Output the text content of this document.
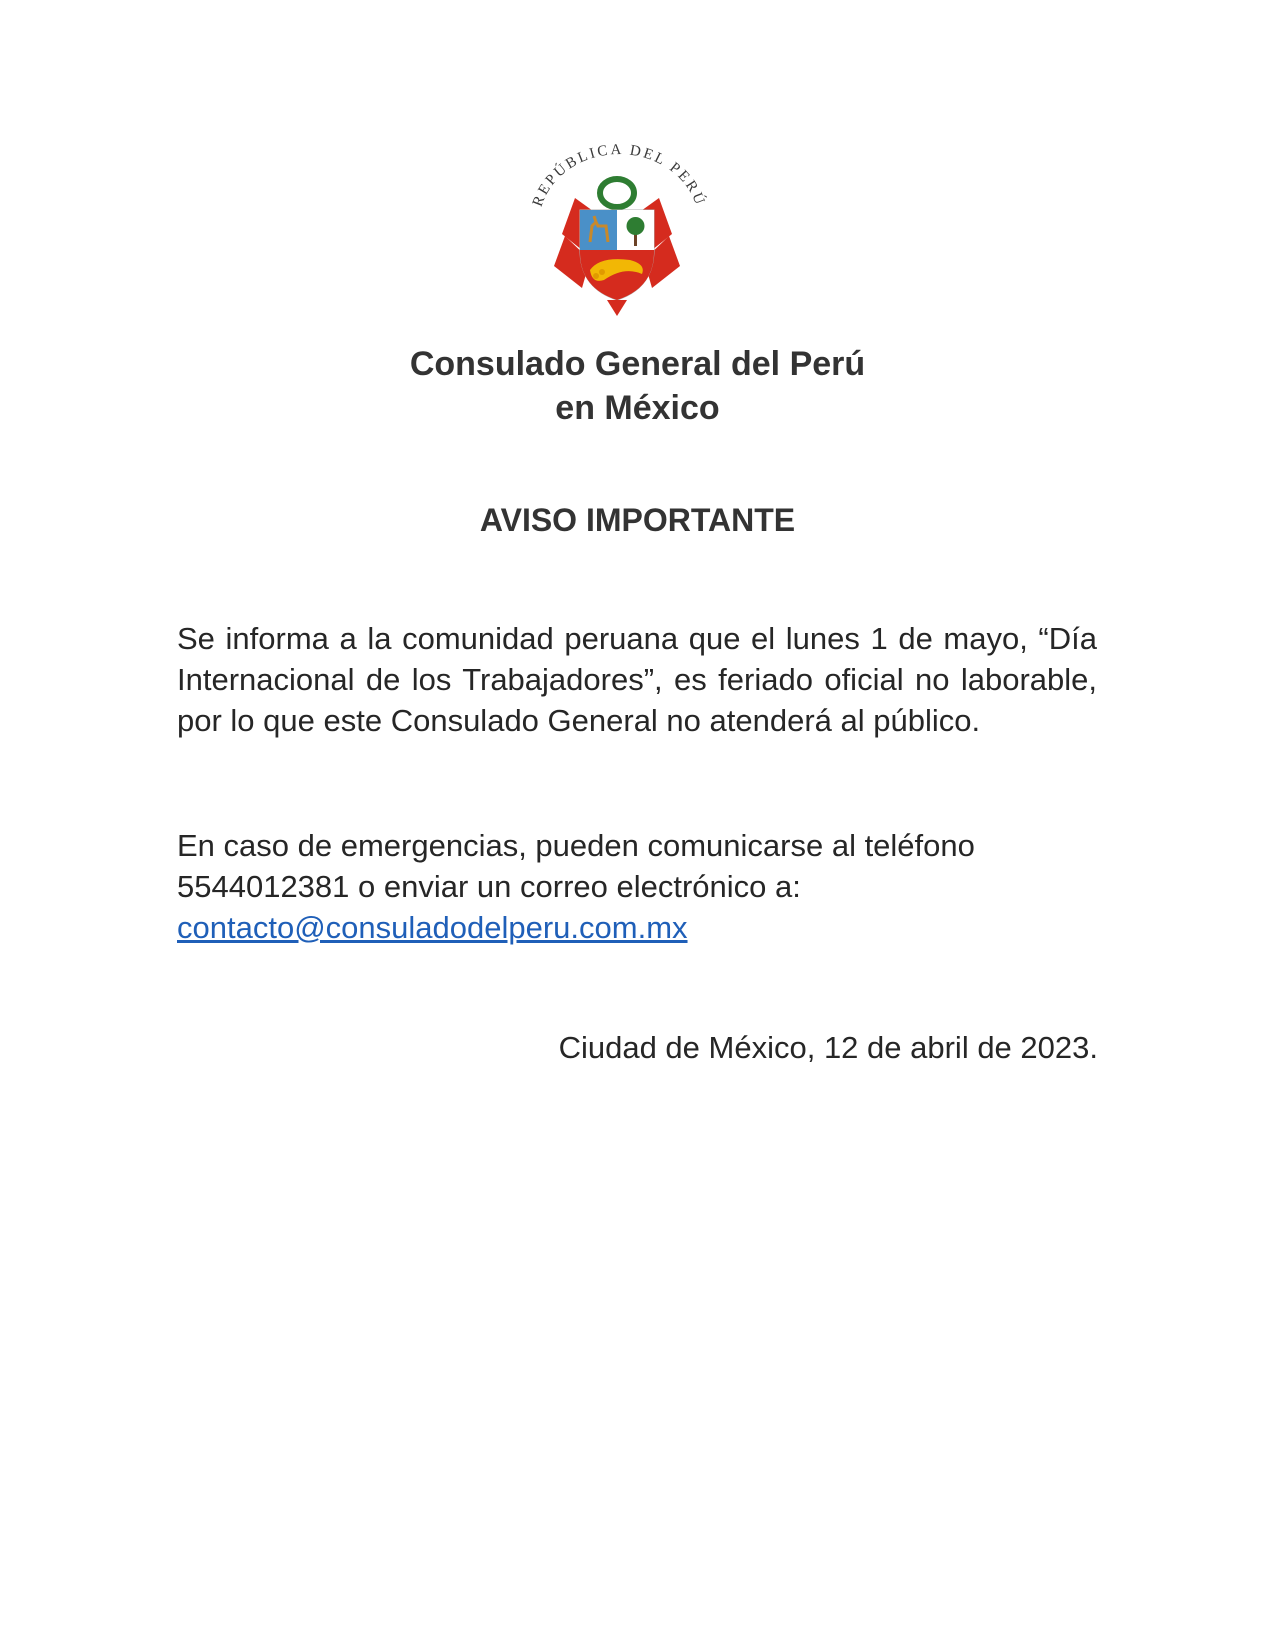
REPÚBLICA DEL PERÚ
Consulado General del Perú
en México
AVISO IMPORTANTE
Se informa a la comunidad peruana que el lunes 1 de mayo, “Día Internacional de los Trabajadores”, es feriado oficial no laborable, por lo que este Consulado General no atenderá al público.
En caso de emergencias, pueden comunicarse al teléfono 5544012381 o enviar un correo electrónico a:
contacto@consuladodelperu.com.mx
Ciudad de México, 12 de abril de 2023.
